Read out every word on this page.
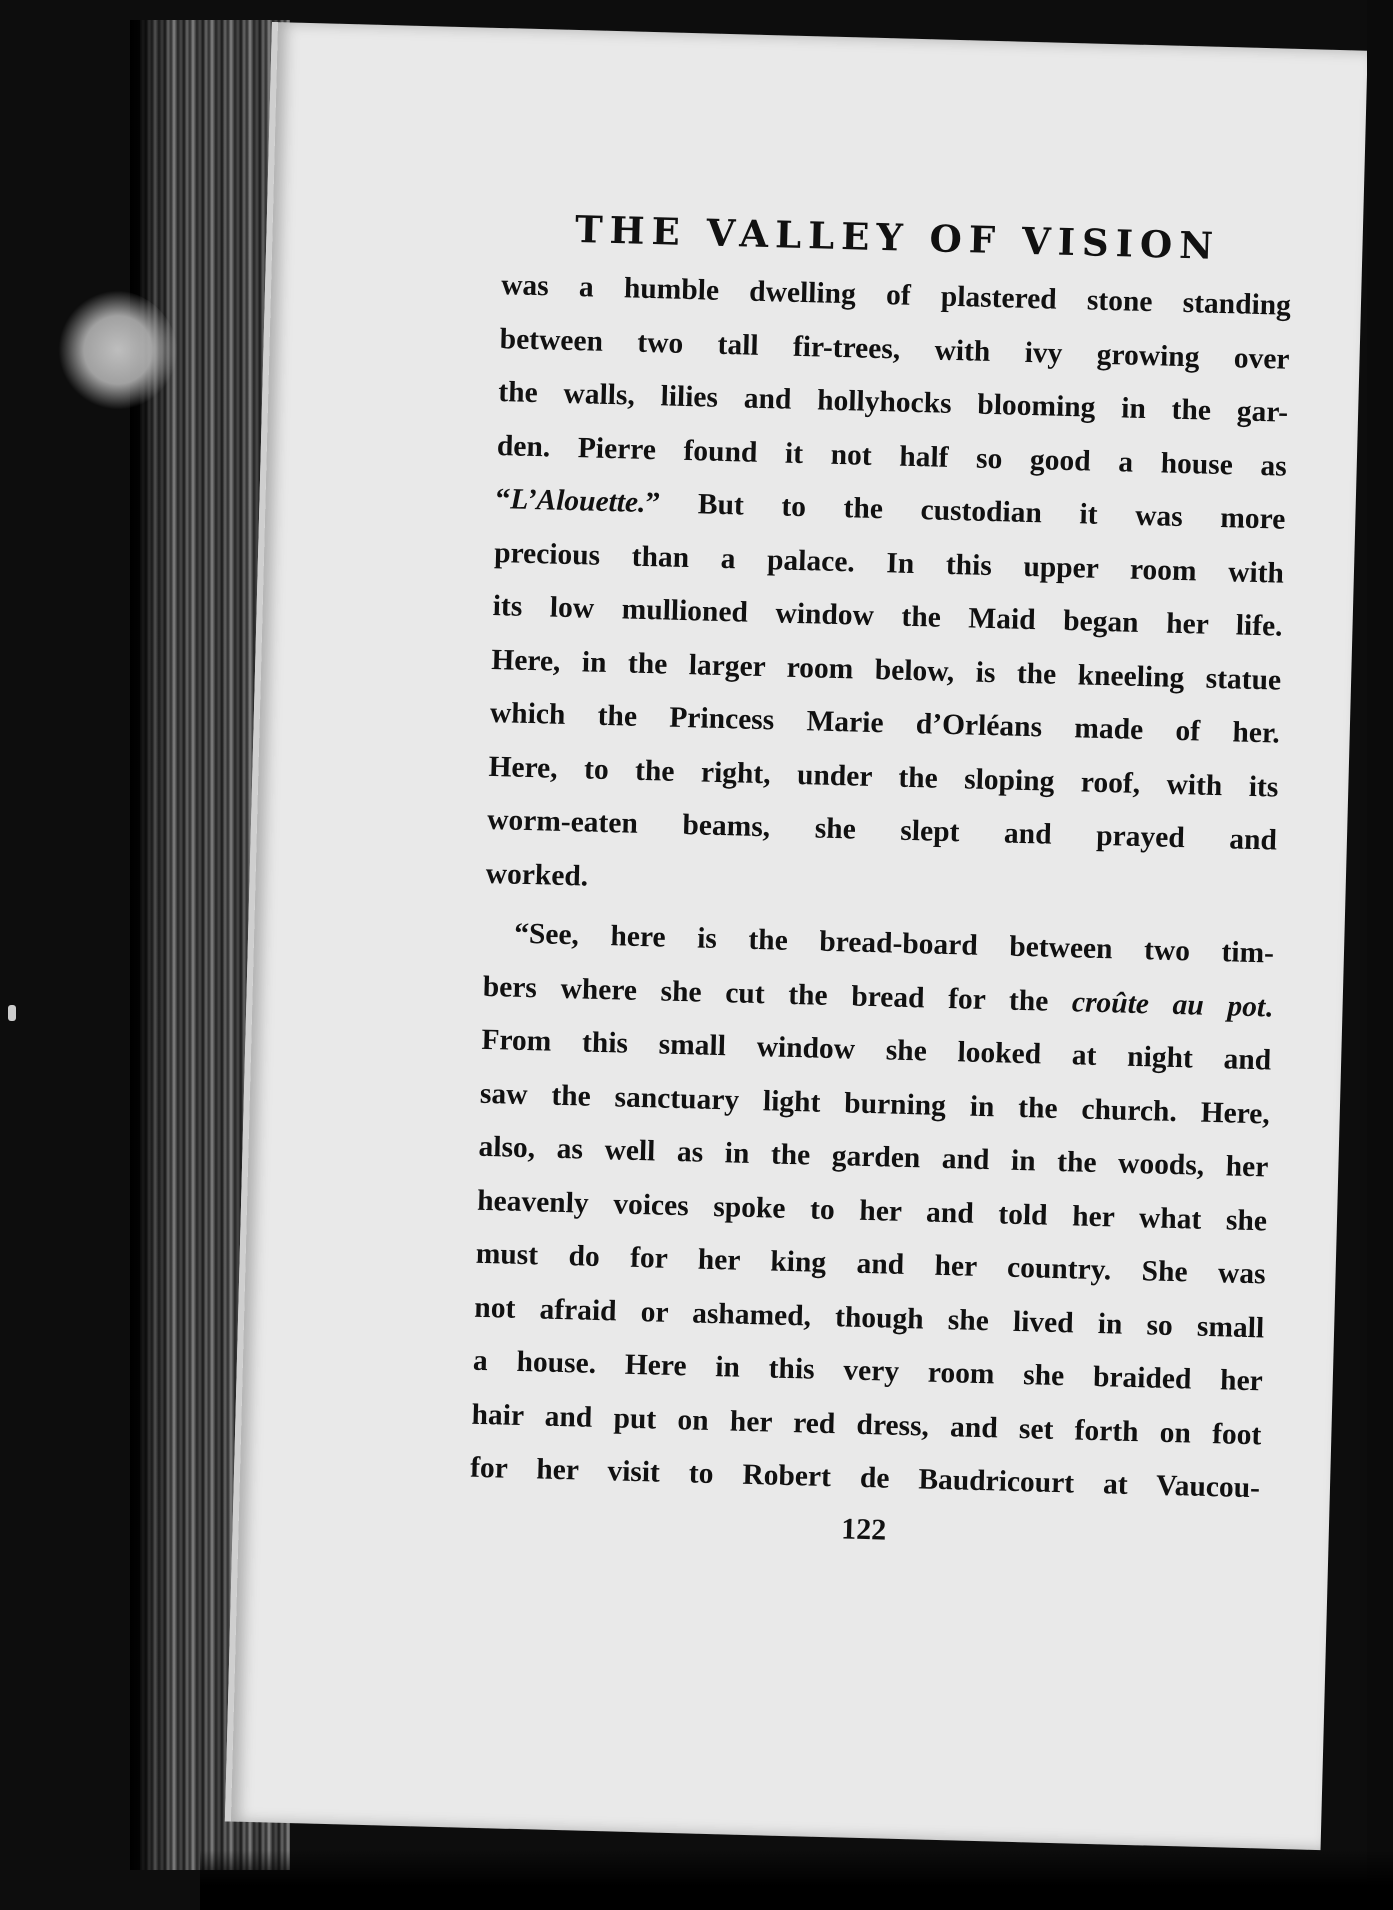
THE VALLEY OF VISION

was a humble dwelling of plastered stone standing
between two tall fir-trees, with ivy growing over
the walls, lilies and hollyhocks blooming in the gar-
den. Pierre found it not half so good a house as
“L’Alouette.” But to the custodian it was more
precious than a palace. In this upper room with
its low mullioned window the Maid began her life.
Here, in the larger room below, is the kneeling statue
which the Princess Marie d’Orléans made of her.
Here, to the right, under the sloping roof, with its
worm-eaten beams, she slept and prayed and
worked.

“See, here is the bread-board between two tim-
bers where she cut the bread for the croûte au pot.
From this small window she looked at night and
saw the sanctuary light burning in the church. Here,
also, as well as in the garden and in the woods, her
heavenly voices spoke to her and told her what she
must do for her king and her country. She was
not afraid or ashamed, though she lived in so small
a house. Here in this very room she braided her
hair and put on her red dress, and set forth on foot
for her visit to Robert de Baudricourt at Vaucou-

122
